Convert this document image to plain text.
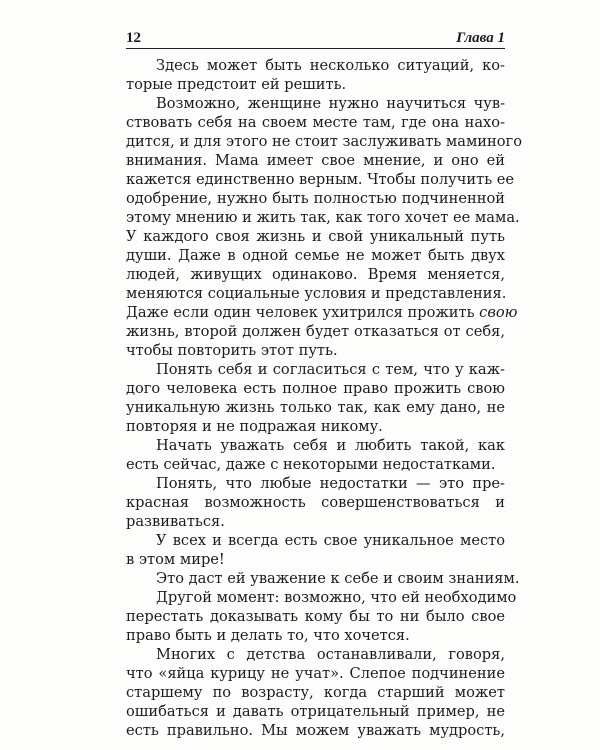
12	Глава 1
Здесь может быть несколько ситуаций, ко-
торые предстоит ей решить.
Возможно, женщине нужно научиться чув-
ствовать себя на своем месте там, где она нахо-
дится, и для этого не стоит заслуживать маминого
внимания. Мама имеет свое мнение, и оно ей
кажется единственно верным. Чтобы получить ее
одобрение, нужно быть полностью подчиненной
этому мнению и жить так, как того хочет ее мама.
У каждого своя жизнь и свой уникальный путь
души. Даже в одной семье не может быть двух
людей, живущих одинаково. Время меняется,
меняются социальные условия и представления.
Даже если один человек ухитрился прожить свою
жизнь, второй должен будет отказаться от себя,
чтобы повторить этот путь.
Понять себя и согласиться с тем, что у каж-
дого человека есть полное право прожить свою
уникальную жизнь только так, как ему дано, не
повторяя и не подражая никому.
Начать уважать себя и любить такой, как
есть сейчас, даже с некоторыми недостатками.
Понять, что любые недостатки — это пре-
красная возможность совершенствоваться и
развиваться.
У всех и всегда есть свое уникальное место
в этом мире!
Это даст ей уважение к себе и своим знаниям.
Другой момент: возможно, что ей необходимо
перестать доказывать кому бы то ни было свое
право быть и делать то, что хочется.
Многих с детства останавливали, говоря,
что «яйца курицу не учат». Слепое подчинение
старшему по возрасту, когда старший может
ошибаться и давать отрицательный пример, не
есть правильно. Мы можем уважать мудрость,
